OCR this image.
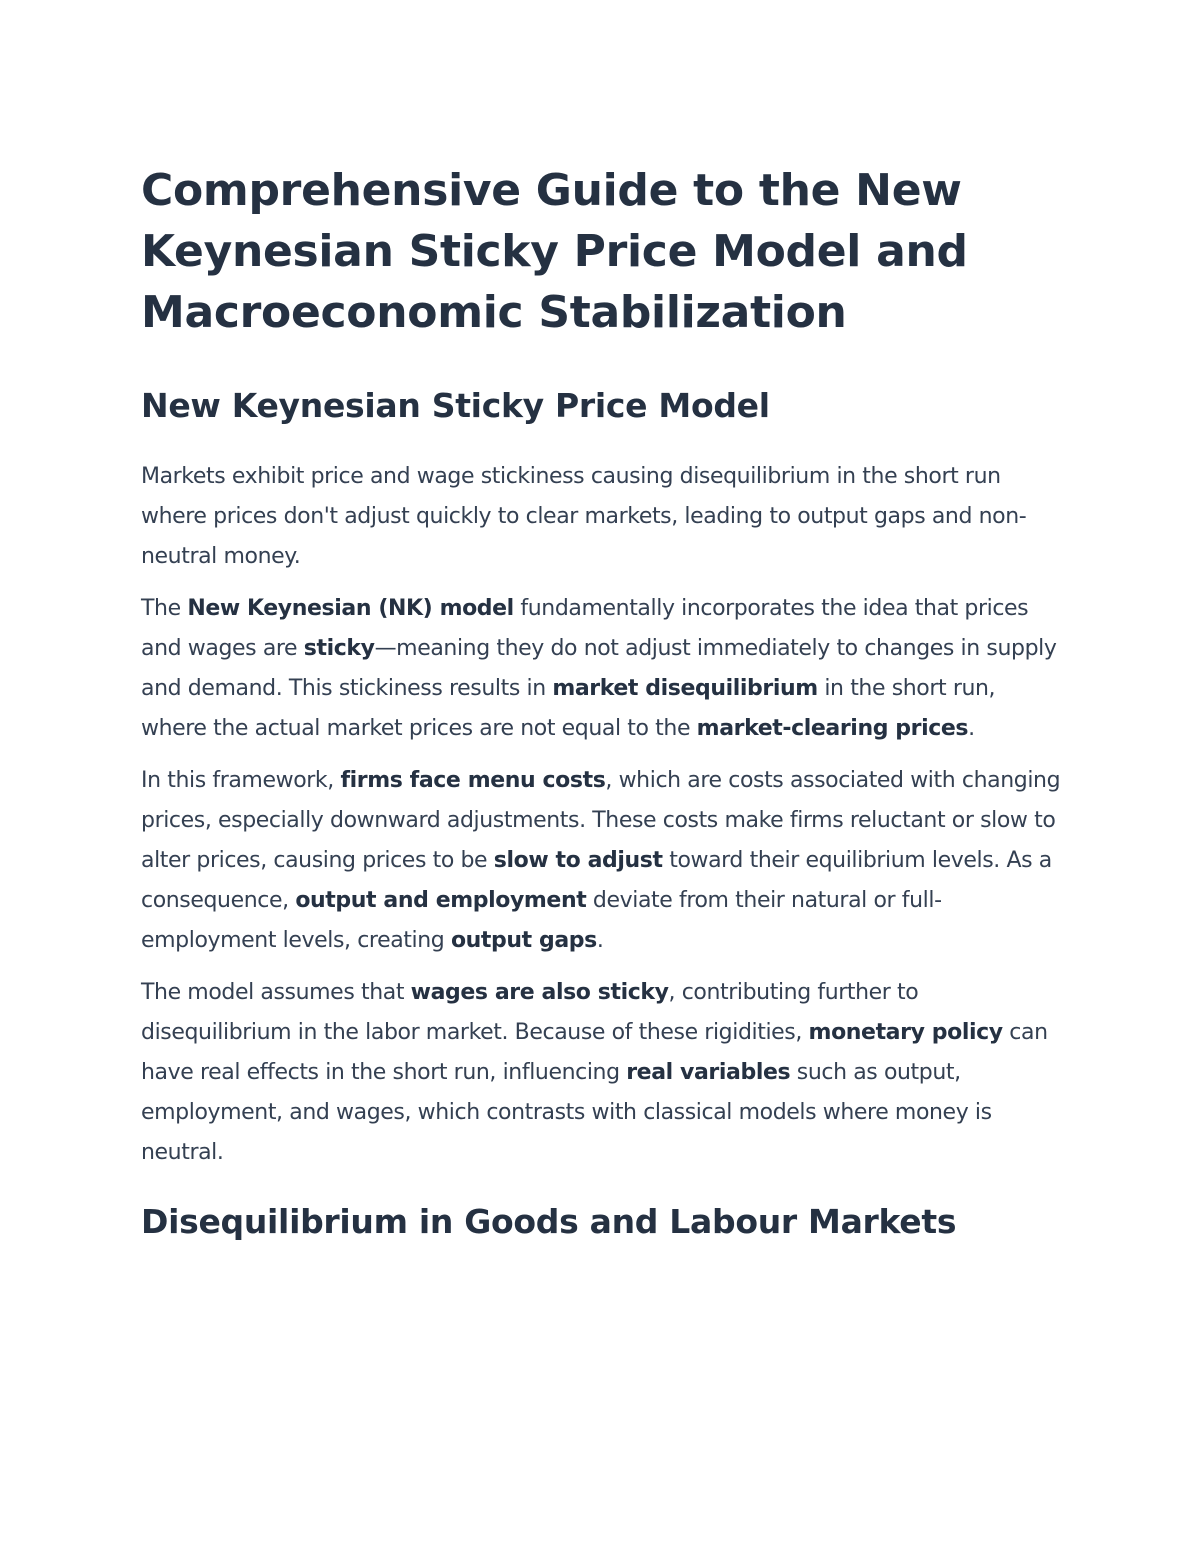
Comprehensive Guide to the New Keynesian Sticky Price Model and Macroeconomic Stabilization
New Keynesian Sticky Price Model

Markets exhibit price and wage stickiness causing disequilibrium in the short run where prices don't adjust quickly to clear markets, leading to output gaps and non-neutral money.

The New Keynesian (NK) model fundamentally incorporates the idea that prices and wages are sticky—meaning they do not adjust immediately to changes in supply and demand. This stickiness results in market disequilibrium in the short run, where the actual market prices are not equal to the market-clearing prices.

In this framework, firms face menu costs, which are costs associated with changing prices, especially downward adjustments. These costs make firms reluctant or slow to alter prices, causing prices to be slow to adjust toward their equilibrium levels. As a consequence, output and employment deviate from their natural or full-employment levels, creating output gaps.

The model assumes that wages are also sticky, contributing further to disequilibrium in the labor market. Because of these rigidities, monetary policy can have real effects in the short run, influencing real variables such as output, employment, and wages, which contrasts with classical models where money is neutral.

Disequilibrium in Goods and Labour Markets
